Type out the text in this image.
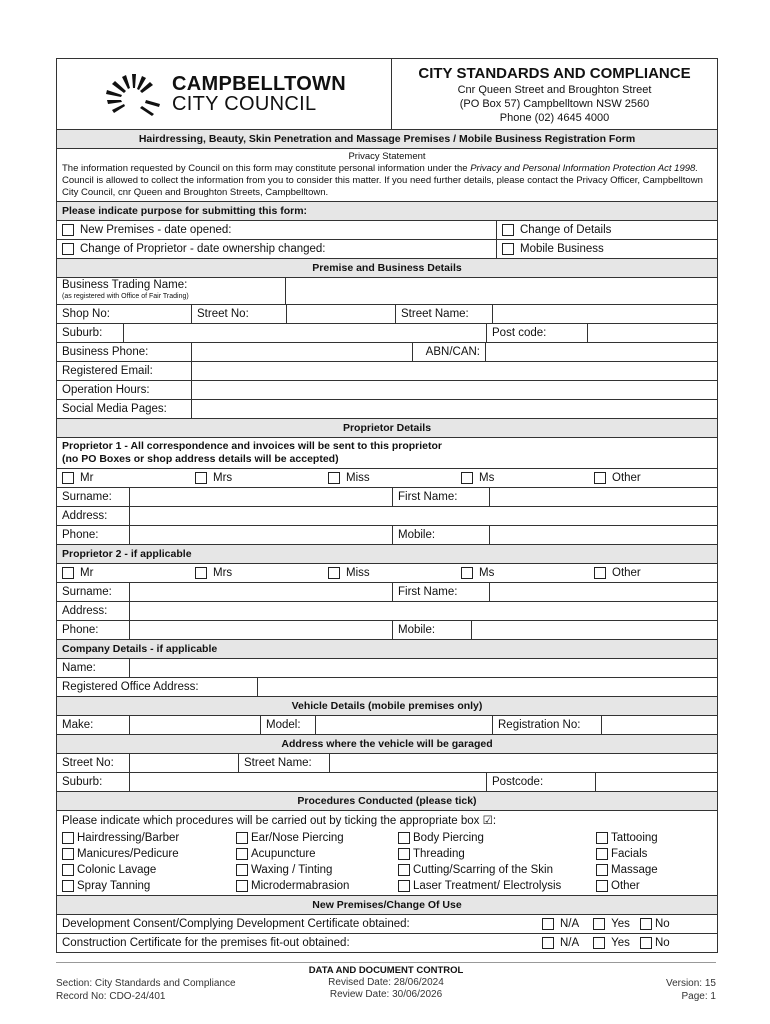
CAMPBELLTOWN
CITY COUNCIL
CITY STANDARDS AND COMPLIANCE
Cnr Queen Street and Broughton Street
(PO Box 57) Campbelltown NSW 2560
Phone (02) 4645 4000
Hairdressing, Beauty, Skin Penetration and Massage Premises / Mobile Business Registration Form
Privacy Statement
The information requested by Council on this form may constitute personal information under the Privacy and Personal Information Protection Act 1998. Council is allowed to collect the information from you to consider this matter. If you need further details, please contact the Privacy Officer, Campbelltown City Council, cnr Queen and Broughton Streets, Campbelltown.
Please indicate purpose for submitting this form:
New Premises - date opened:	Change of Details
Change of Proprietor - date ownership changed:	Mobile Business
Premise and Business Details
Business Trading Name:
(as registered with Office of Fair Trading)
Shop No:	Street No:	Street Name:
Suburb:	Post code:
Business Phone:	ABN/CAN:
Registered Email:
Operation Hours:
Social Media Pages:
Proprietor Details
Proprietor 1 - All correspondence and invoices will be sent to this proprietor
(no PO Boxes or shop address details will be accepted)
Mr	Mrs	Miss	Ms	Other
Surname:	First Name:
Address:
Phone:	Mobile:
Proprietor 2 - if applicable
Mr	Mrs	Miss	Ms	Other
Surname:	First Name:
Address:
Phone:	Mobile:
Company Details - if applicable
Name:
Registered Office Address:
Vehicle Details (mobile premises only)
Make:	Model:	Registration No:
Address where the vehicle will be garaged
Street No:	Street Name:
Suburb:	Postcode:
Procedures Conducted (please tick)
Please indicate which procedures will be carried out by ticking the appropriate box ☑:
Hairdressing/Barber	Ear/Nose Piercing	Body Piercing	Tattooing
Manicures/Pedicure	Acupuncture	Threading	Facials
Colonic Lavage	Waxing / Tinting	Cutting/Scarring of the Skin	Massage
Spray Tanning	Microdermabrasion	Laser Treatment/ Electrolysis	Other
New Premises/Change Of Use
Development Consent/Complying Development Certificate obtained:	N/A	Yes No
Construction Certificate for the premises fit-out obtained:	N/A	Yes No
Section: City Standards and Compliance
Record No: CDO-24/401
DATA AND DOCUMENT CONTROL
Revised Date: 28/06/2024
Review Date: 30/06/2026
Version: 15
Page: 1
